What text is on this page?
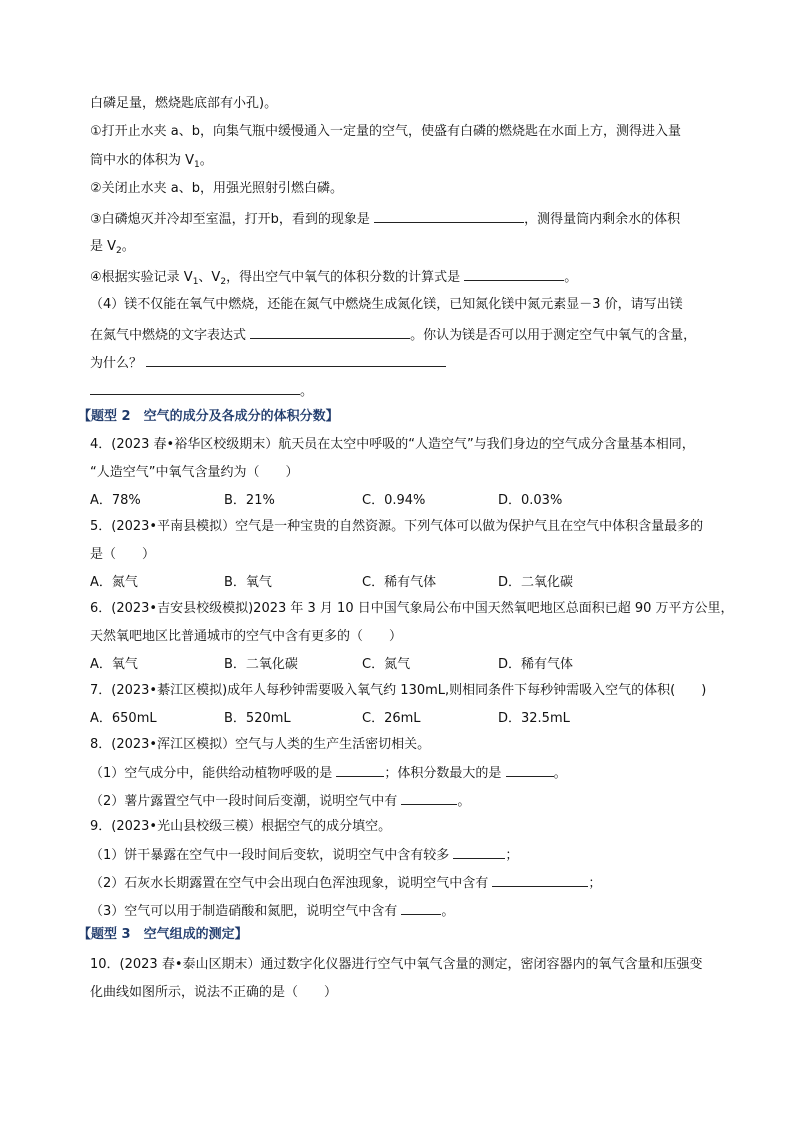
白磷足量，燃烧匙底部有小孔)。
①打开止水夹 a、b，向集气瓶中缓慢通入一定量的空气，使盛有白磷的燃烧匙在水面上方，测得进入量
筒中水的体积为 $V_1$。
②关闭止水夹 a、b，用强光照射引燃白磷。
③白磷熄灭并冷却至室温，打开b，看到的现象是	，测得量筒内剩余水的体积
是 $V_2$。
④根据实验记录 $V_1$、$V_2$，得出空气中氧气的体积分数的计算式是	。
（4）镁不仅能在氧气中燃烧，还能在氮气中燃烧生成氮化镁，已知氮化镁中氮元素显－3 价，请写出镁
在氮气中燃烧的文字表达式	。你认为镁是否可以用于测定空气中氧气的含量，
为什么？
。
【题型 2　空气的成分及各成分的体积分数】
4．(2023 春•裕华区校级期末）航天员在太空中呼吸的“人造空气”与我们身边的空气成分含量基本相同，
“人造空气”中氧气含量约为（　　）
A．78%	B．21%	C．0.94%	D．0.03%
5．(2023•平南县模拟）空气是一种宝贵的自然资源。下列气体可以做为保护气且在空气中体积含量最多的
是（　　）
A．氮气	B．氧气	C．稀有气体	D．二氧化碳
6．(2023•吉安县校级模拟)2023 年 3 月 10 日中国气象局公布中国天然氧吧地区总面积已超 90 万平方公里，
天然氧吧地区比普通城市的空气中含有更多的（　　）
A．氧气	B．二氧化碳	C．氮气	D．稀有气体
7．(2023•綦江区模拟)成年人每秒钟需要吸入氧气约 130mL,则相同条件下每秒钟需吸入空气的体积(　　)
A．650mL	B．520mL	C．26mL	D．32.5mL
8．(2023•浑江区模拟）空气与人类的生产生活密切相关。
（1）空气成分中，能供给动植物呼吸的是	；体积分数最大的是	。
（2）薯片露置空气中一段时间后变潮，说明空气中有	。
9．(2023•光山县校级三模）根据空气的成分填空。
（1）饼干暴露在空气中一段时间后变软，说明空气中含有较多	；
（2）石灰水长期露置在空气中会出现白色浑浊现象，说明空气中含有	；
（3）空气可以用于制造硝酸和氮肥，说明空气中含有	。
【题型 3　空气组成的测定】
10．(2023 春•泰山区期末）通过数字化仪器进行空气中氧气含量的测定，密闭容器内的氧气含量和压强变
化曲线如图所示，说法不正确的是（　　）
